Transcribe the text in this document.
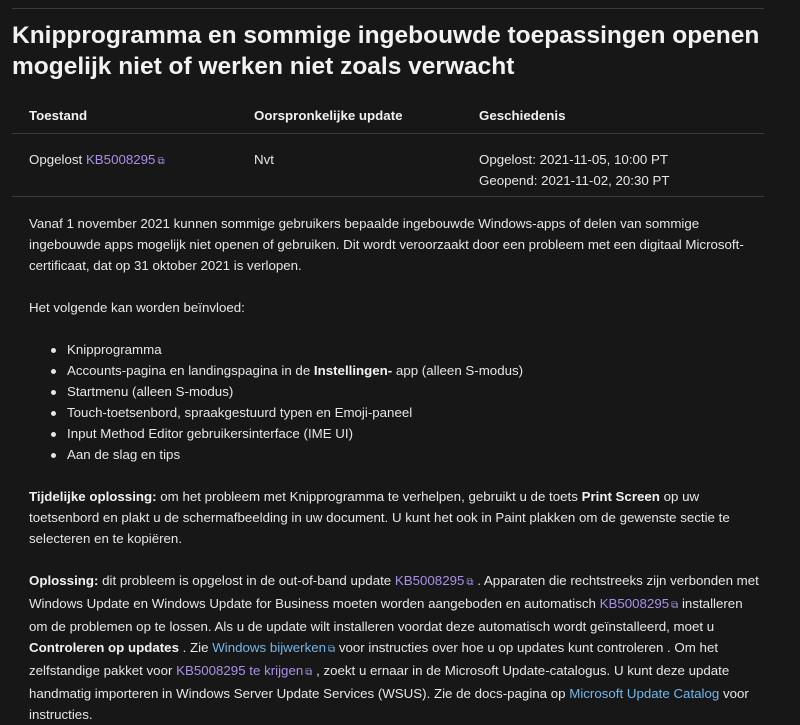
Knipprogramma en sommige ingebouwde toepassingen openen mogelijk niet of werken niet zoals verwacht
Toestand	Oorspronkelijke update	Geschiedenis
Opgelost KB5008295 ⧉	Nvt	Opgelost: 2021-11-05, 10:00 PT
Geopend: 2021-11-02, 20:30 PT

Vanaf 1 november 2021 kunnen sommige gebruikers bepaalde ingebouwde Windows-apps of delen van sommige ingebouwde apps mogelijk niet openen of gebruiken. Dit wordt veroorzaakt door een probleem met een digitaal Microsoft-certificaat, dat op 31 oktober 2021 is verlopen.

Het volgende kan worden beïnvloed:

Knipprogramma
Accounts-pagina en landingspagina in de Instellingen- app (alleen S-modus)
Startmenu (alleen S-modus)
Touch-toetsenbord, spraakgestuurd typen en Emoji-paneel
Input Method Editor gebruikersinterface (IME UI)
Aan de slag en tips

Tijdelijke oplossing: om het probleem met Knipprogramma te verhelpen, gebruikt u de toets Print Screen op uw toetsenbord en plakt u de schermafbeelding in uw document. U kunt het ook in Paint plakken om de gewenste sectie te selecteren en te kopiëren.

Oplossing: dit probleem is opgelost in de out-of-band update KB5008295 ⧉ . Apparaten die rechtstreeks zijn verbonden met Windows Update en Windows Update for Business moeten worden aangeboden en automatisch KB5008295 ⧉ installeren om de problemen op te lossen. Als u de update wilt installeren voordat deze automatisch wordt geïnstalleerd, moet u Controleren op updates . Zie Windows bijwerken ⧉ voor instructies over hoe u op updates kunt controleren . Om het zelfstandige pakket voor KB5008295 te krijgen ⧉ , zoekt u ernaar in de Microsoft Update-catalogus. U kunt deze update handmatig importeren in Windows Server Update Services (WSUS). Zie de docs-pagina op Microsoft Update Catalog voor instructies.
